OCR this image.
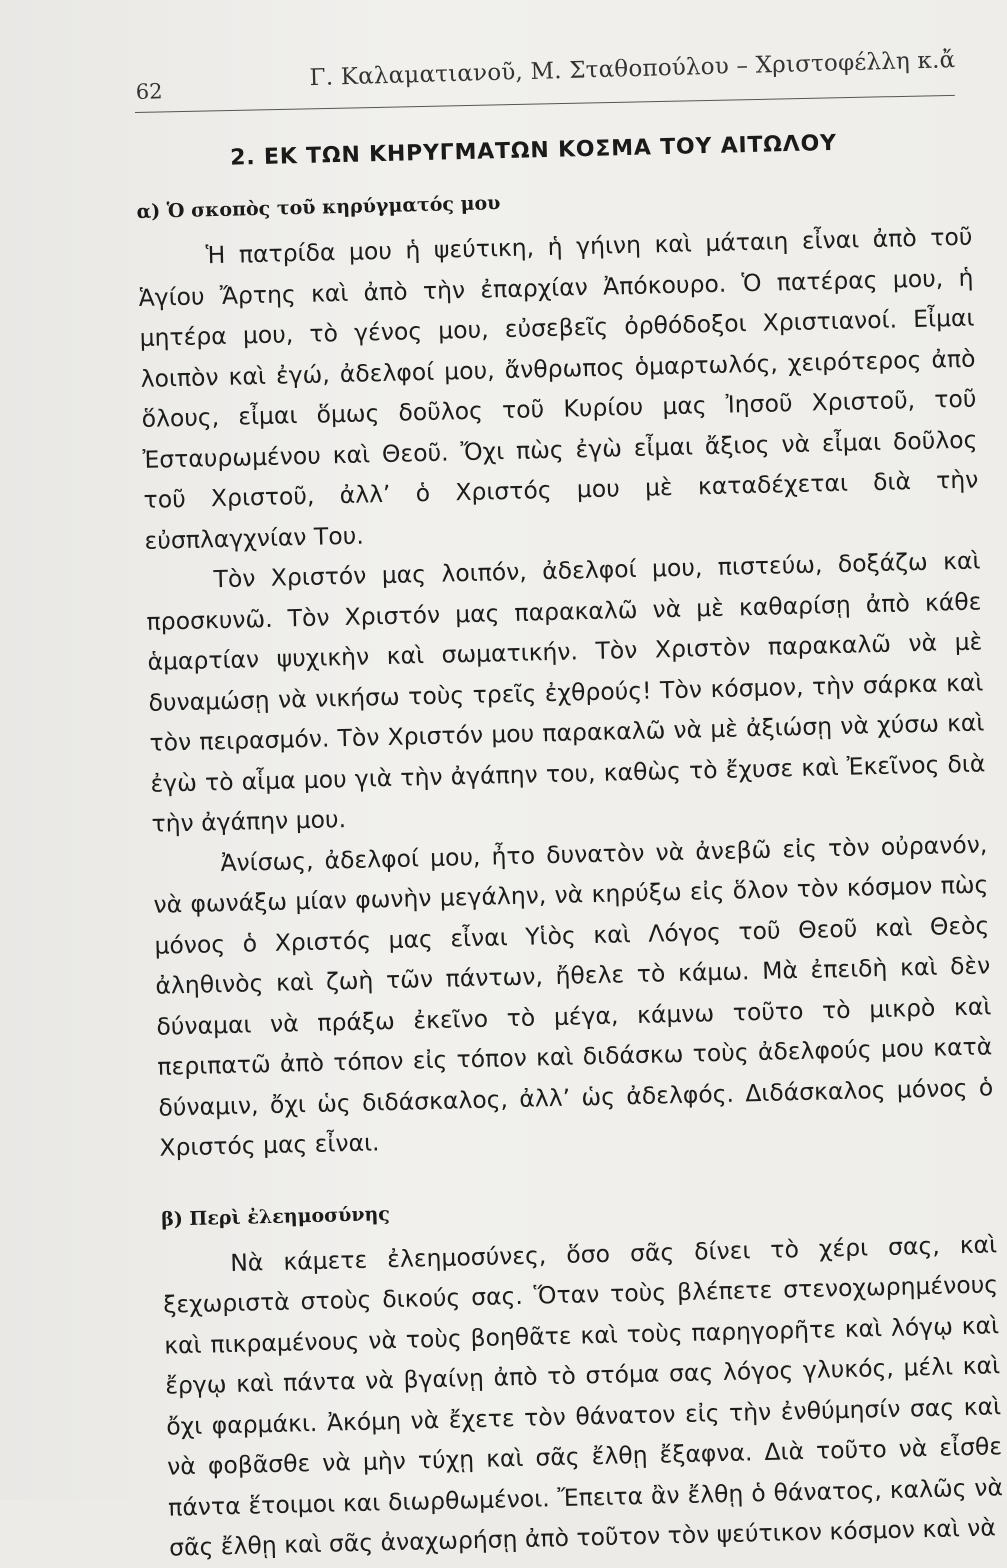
62
Γ. Καλαματιανοῦ, Μ. Σταθοπούλου – Χριστοφέλλη κ.ἄ
2. ΕΚ ΤΩΝ ΚΗΡΥΓΜΑΤΩΝ ΚΟΣΜΑ ΤΟΥ ΑΙΤΩΛΟΥ
α) Ὁ σκοπὸς τοῦ κηρύγματός μου

Ἡ πατρίδα μου ἡ ψεύτικη, ἡ γήινη καὶ μάταιη εἶναι ἀπὸ τοῦ Ἁγίου Ἄρτης καὶ ἀπὸ τὴν ἐπαρχίαν Ἀπόκουρο. Ὁ πατέρας μου, ἡ μητέρα μου, τὸ γένος μου, εὐσεβεῖς ὀρθόδοξοι Χριστιανοί. Εἶμαι λοιπὸν καὶ ἐγώ, ἀδελφοί μου, ἄνθρωπος ὁμαρτωλός, χειρότερος ἀπὸ ὅλους, εἶμαι ὅμως δοῦλος τοῦ Κυρίου μας Ἰησοῦ Χριστοῦ, τοῦ Ἐσταυρωμένου καὶ Θεοῦ. Ὄχι πὼς ἐγὼ εἶμαι ἄξιος νὰ εἶμαι δοῦλος τοῦ Χριστοῦ, ἀλλ’ ὁ Χριστός μου μὲ καταδέχεται διὰ τὴν εὐσπλαγχνίαν Του.

Τὸν Χριστόν μας λοιπόν, ἀδελφοί μου, πιστεύω, δοξάζω καὶ προσκυνῶ. Τὸν Χριστόν μας παρακαλῶ νὰ μὲ καθαρίσῃ ἀπὸ κάθε ἁμαρτίαν ψυχικὴν καὶ σωματικήν. Τὸν Χριστὸν παρακαλῶ νὰ μὲ δυναμώσῃ νὰ νικήσω τοὺς τρεῖς ἐχθρούς! Τὸν κόσμον, τὴν σάρκα καὶ τὸν πειρασμόν. Τὸν Χριστόν μου παρακαλῶ νὰ μὲ ἀξιώσῃ νὰ χύσω καὶ ἐγὼ τὸ αἷμα μου γιὰ τὴν ἀγάπην του, καθὼς τὸ ἔχυσε καὶ Ἐκεῖνος διὰ τὴν ἀγάπην μου.

Ἀνίσως, ἀδελφοί μου, ἦτο δυνατὸν νὰ ἀνεβῶ εἰς τὸν οὐρανόν, νὰ φωνάξω μίαν φωνὴν μεγάλην, νὰ κηρύξω εἰς ὅλον τὸν κόσμον πὼς μόνος ὁ Χριστός μας εἶναι Υἱὸς καὶ Λόγος τοῦ Θεοῦ καὶ Θεὸς ἀληθινὸς καὶ ζωὴ τῶν πάντων, ἤθελε τὸ κάμω. Μὰ ἐπειδὴ καὶ δὲν δύναμαι νὰ πράξω ἐκεῖνο τὸ μέγα, κάμνω τοῦτο τὸ μικρὸ καὶ περιπατῶ ἀπὸ τόπον εἰς τόπον καὶ διδάσκω τοὺς ἀδελφούς μου κατὰ δύναμιν, ὄχι ὡς διδάσκαλος, ἀλλ’ ὡς ἀδελφός. Διδάσκαλος μόνος ὁ Χριστός μας εἶναι.

β) Περὶ ἐλεημοσύνης

Νὰ κάμετε ἐλεημοσύνες, ὅσο σᾶς δίνει τὸ χέρι σας, καὶ ξεχωριστὰ στοὺς δικούς σας. Ὅταν τοὺς βλέπετε στενοχωρημένους καὶ πικραμένους νὰ τοὺς βοηθᾶτε καὶ τοὺς παρηγορῆτε καὶ λόγῳ καὶ ἔργῳ καὶ πάντα νὰ βγαίνῃ ἀπὸ τὸ στόμα σας λόγος γλυκός, μέλι καὶ ὄχι φαρμάκι. Ἀκόμη νὰ ἔχετε τὸν θάνατον εἰς τὴν ἐνθύμησίν σας καὶ νὰ φοβᾶσθε νὰ μὴν τύχῃ καὶ σᾶς ἔλθῃ ἔξαφνα. Διὰ τοῦτο νὰ εἶσθε πάντα ἕτοιμοι και διωρθωμένοι. Ἔπειτα ἂν ἔλθῃ ὁ θάνατος, καλῶς νὰ σᾶς ἔλθῃ καὶ σᾶς ἀναχωρήσῃ ἀπὸ τοῦτον τὸν ψεύτικον κόσμον καὶ νὰ
